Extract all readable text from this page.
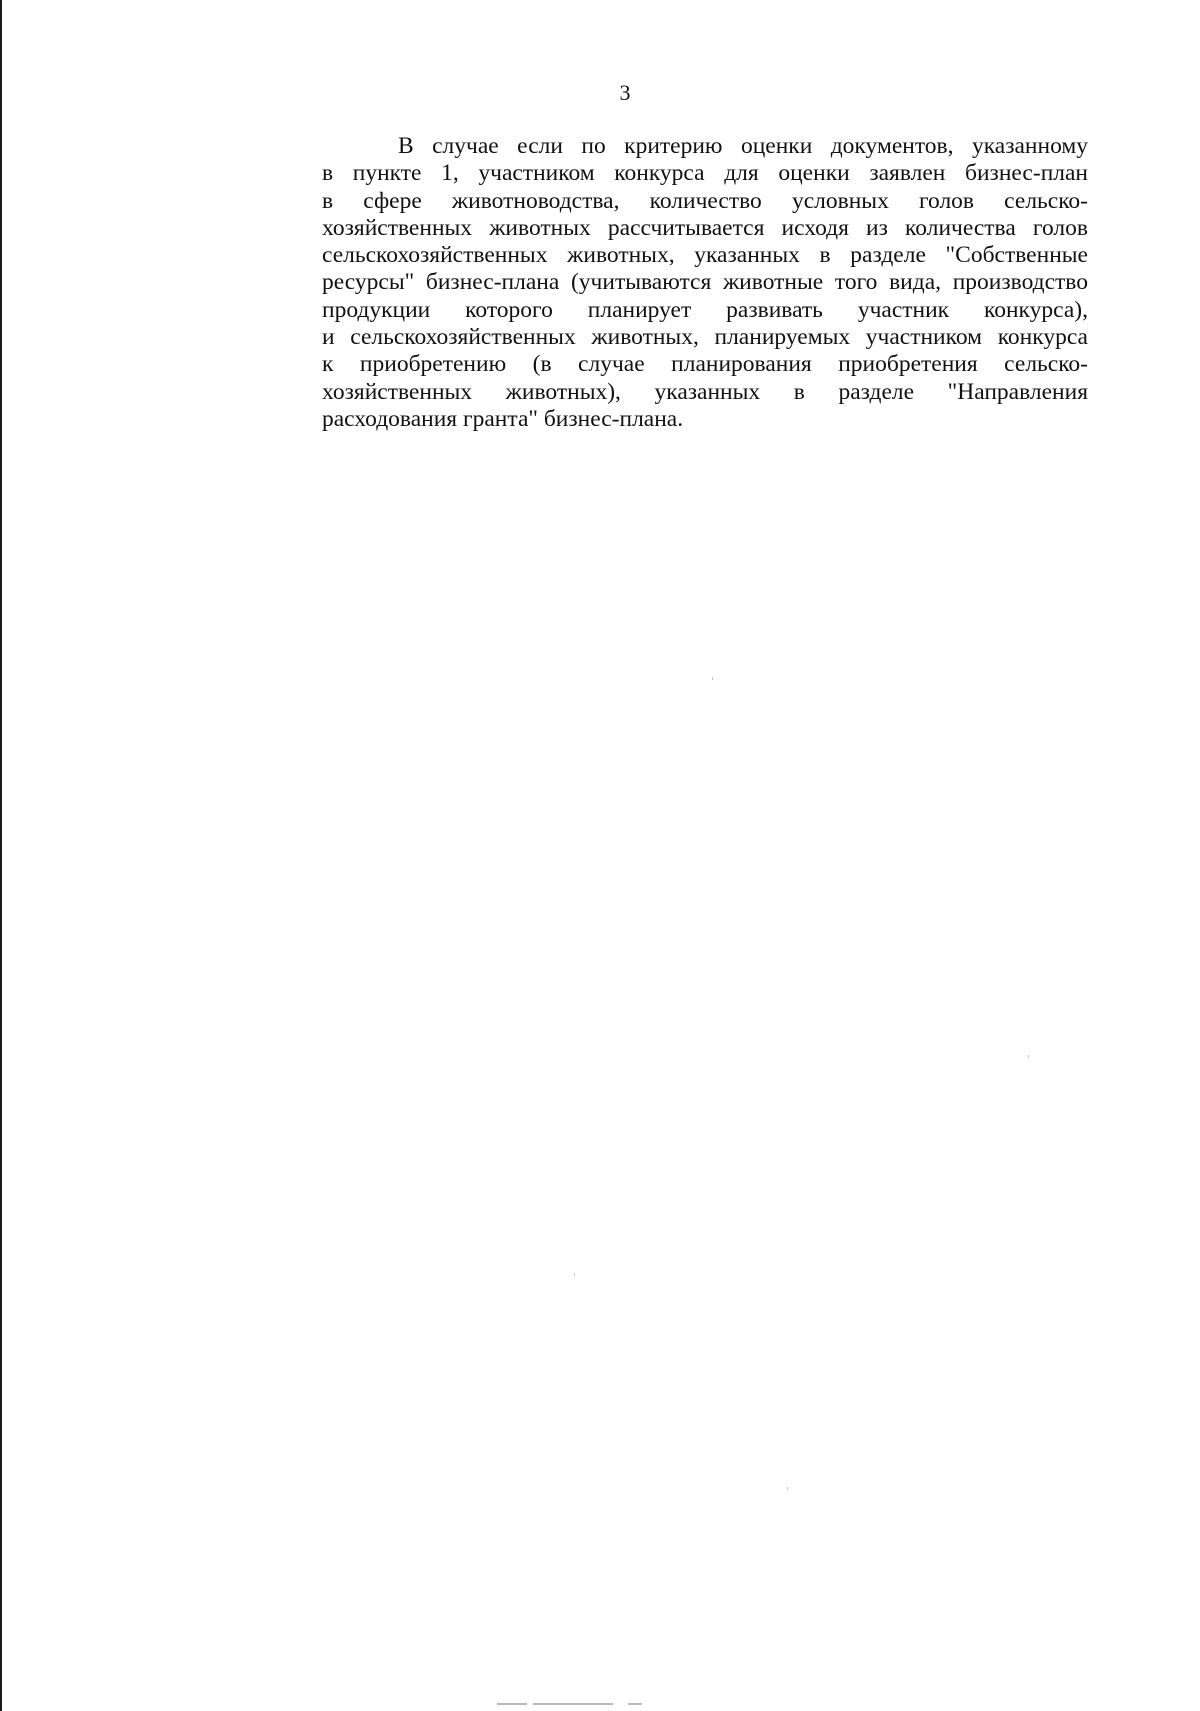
3
В случае если по критерию оценки документов, указанному
в пункте 1, участником конкурса для оценки заявлен бизнес-план
в сфере животноводства, количество условных голов сельско-
хозяйственных животных рассчитывается исходя из количества голов
сельскохозяйственных животных, указанных в разделе "Собственные
ресурсы" бизнес-плана (учитываются животные того вида, производство
продукции которого планирует развивать участник конкурса),
и сельскохозяйственных животных, планируемых участником конкурса
к приобретению (в случае планирования приобретения сельско-
хозяйственных животных), указанных в разделе "Направления
расходования гранта" бизнес-плана.
